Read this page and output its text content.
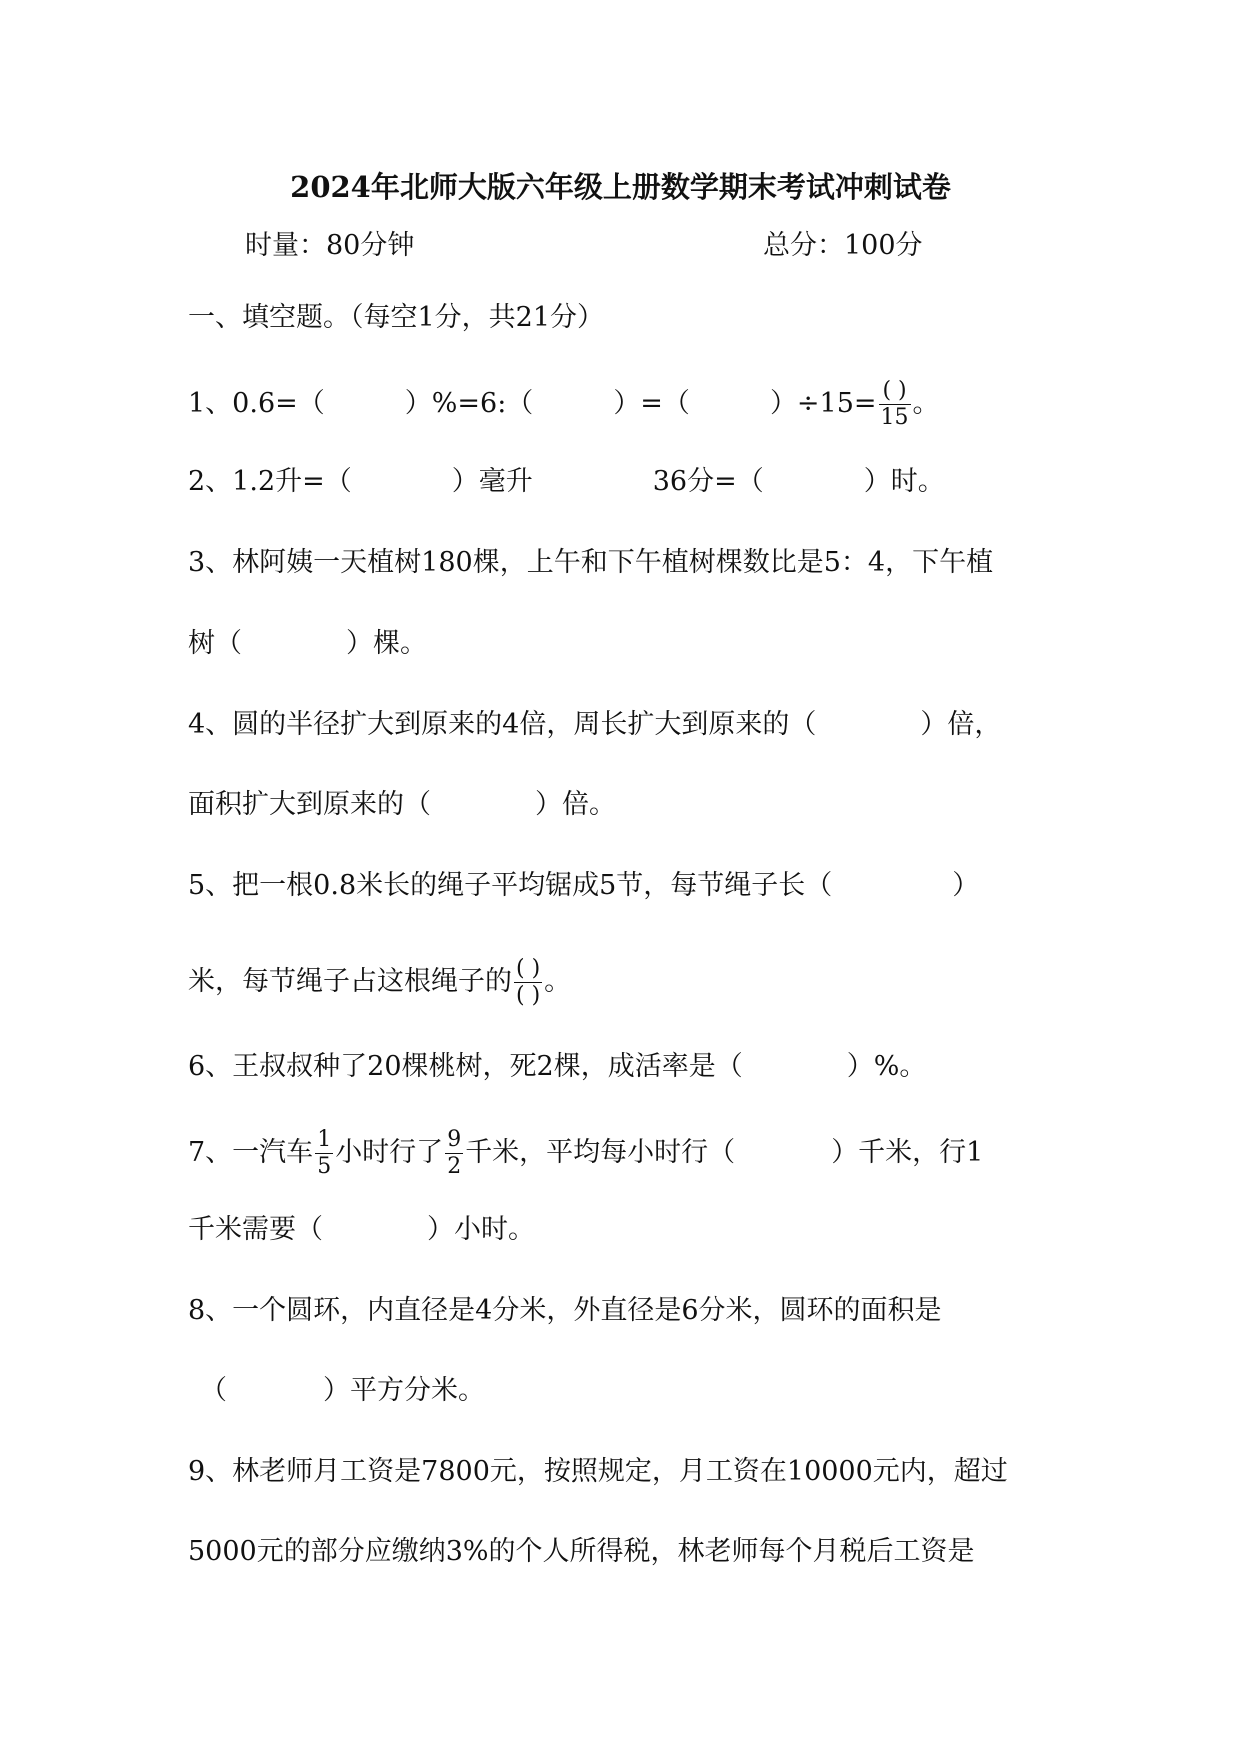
2024年北师大版六年级上册数学期末考试冲刺试卷
时量：80分钟	总分：100分
一、填空题。（每空1分，共21分）
1、0.6=（	）%=6:（	）=（	）$\div 15= \frac{( )}{15}$ 。
2、1.2升=（	）毫升	36分=（	）时。
3、林阿姨一天植树180棵，上午和下午植树棵数比是5：4，下午植
树（	）棵。
4、圆的半径扩大到原来的4倍，周长扩大到原来的（	）倍，
面积扩大到原来的（	）倍。
5、把一根0.8米长的绳子平均锯成5节，每节绳子长（	）
米，每节绳子占这根绳子的 $\frac{( )}{( )}$ 。
6、王叔叔种了20棵桃树，死2棵，成活率是（	）%。
7、一汽车 $\frac{1}{5}$ 小时行了 $\frac{9}{2}$ 千米，平均每小时行（	）千米，行1
千米需要（	）小时。
8、一个圆环，内直径是4分米，外直径是6分米，圆环的面积是
（	）平方分米。
9、林老师月工资是7800元，按照规定，月工资在10000元内，超过
5000元的部分应缴纳3%的个人所得税，林老师每个月税后工资是
